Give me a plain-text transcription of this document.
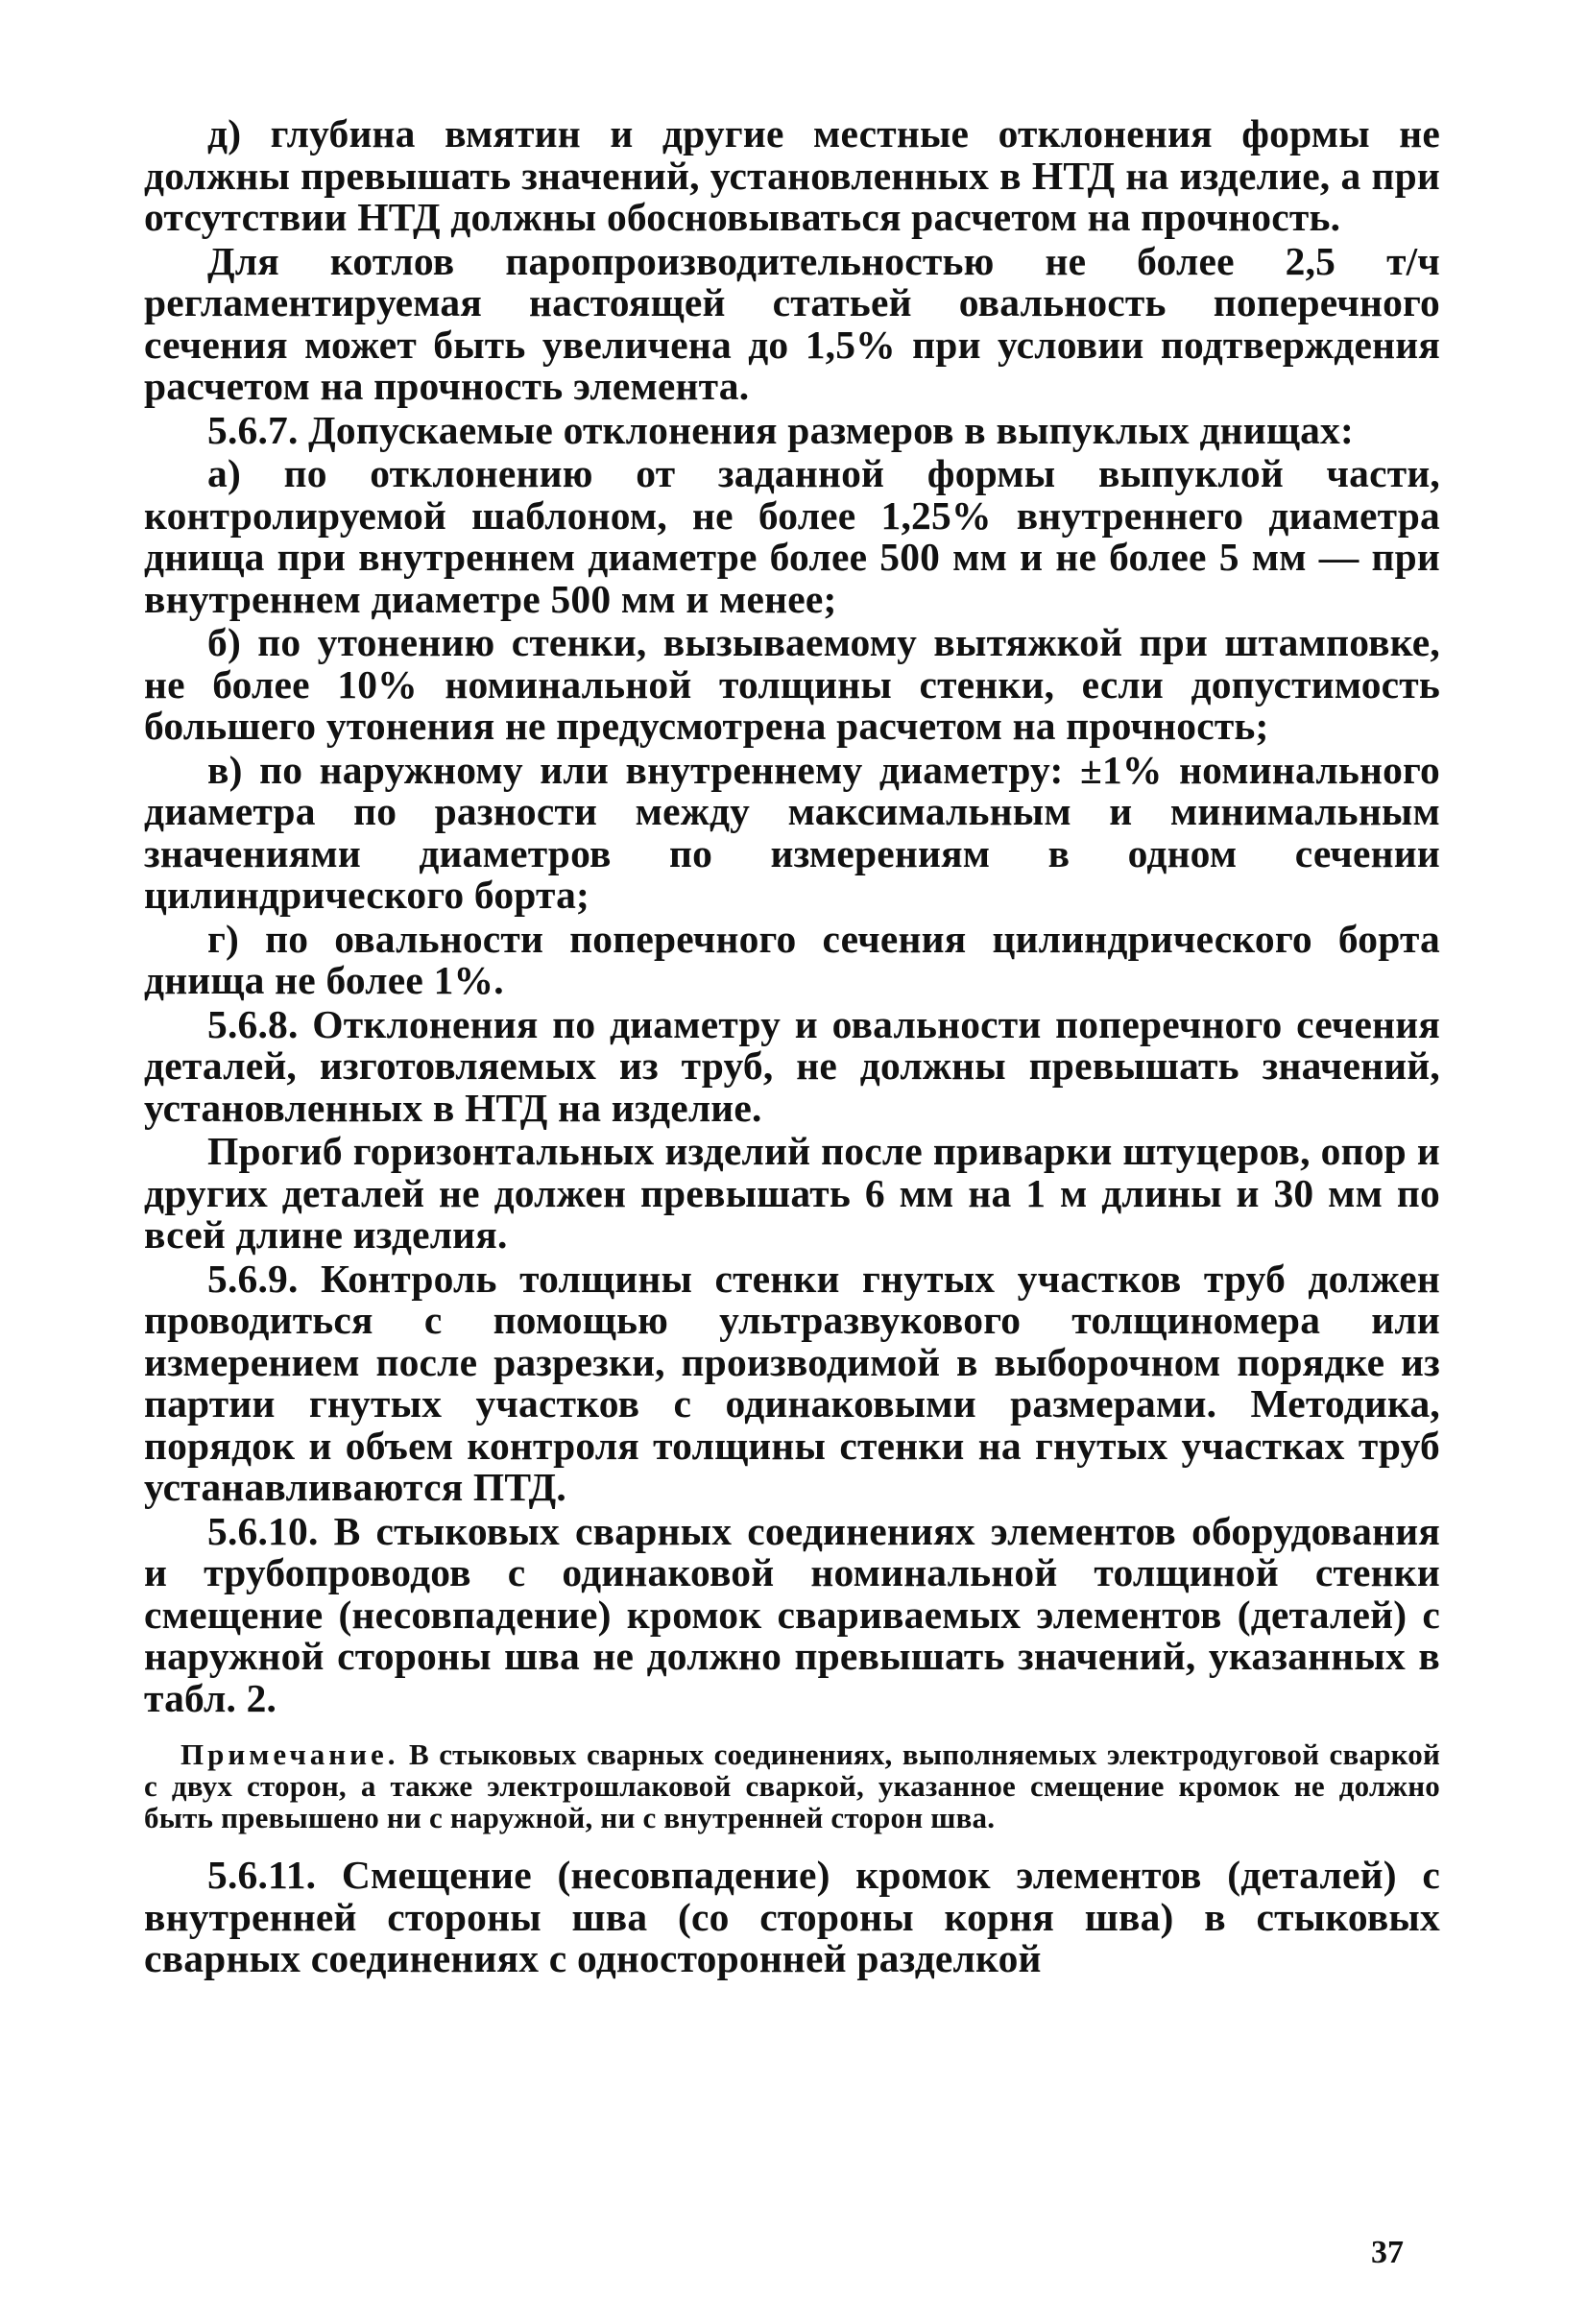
д) глубина вмятин и другие местные отклонения формы не должны превышать значений, установленных в НТД на изделие, а при отсутствии НТД должны обосновываться расчетом на прочность.

Для котлов паропроизводительностью не более 2,5 т/ч регламентируемая настоящей статьей овальность поперечного сечения может быть увеличена до 1,5% при условии подтверждения расчетом на прочность элемента.

5.6.7. Допускаемые отклонения размеров в выпуклых днищах:

а) по отклонению от заданной формы выпуклой части, контролируемой шаблоном, не более 1,25% внутреннего диаметра днища при внутреннем диаметре более 500 мм и не более 5 мм — при внутреннем диаметре 500 мм и менее;

б) по утонению стенки, вызываемому вытяжкой при штамповке, не более 10% номинальной толщины стенки, если допустимость большего утонения не предусмотрена расчетом на прочность;

в) по наружному или внутреннему диаметру: ±1% номинального диаметра по разности между максимальным и минимальным значениями диаметров по измерениям в одном сечении цилиндрического борта;

г) по овальности поперечного сечения цилиндрического борта днища не более 1%.

5.6.8. Отклонения по диаметру и овальности поперечного сечения деталей, изготовляемых из труб, не должны превышать значений, установленных в НТД на изделие.

Прогиб горизонтальных изделий после приварки штуцеров, опор и других деталей не должен превышать 6 мм на 1 м длины и 30 мм по всей длине изделия.

5.6.9. Контроль толщины стенки гнутых участков труб должен проводиться с помощью ультразвукового толщиномера или измерением после разрезки, производимой в выборочном порядке из партии гнутых участков с одинаковыми размерами. Методика, порядок и объем контроля толщины стенки на гнутых участках труб устанавливаются ПТД.

5.6.10. В стыковых сварных соединениях элементов оборудования и трубопроводов с одинаковой номинальной толщиной стенки смещение (несовпадение) кромок свариваемых элементов (деталей) с наружной стороны шва не должно превышать значений, указанных в табл. 2.

Примечание. В стыковых сварных соединениях, выполняемых электродуговой сваркой с двух сторон, а также электрошлаковой сваркой, указанное смещение кромок не должно быть превышено ни с наружной, ни с внутренней сторон шва.

5.6.11. Смещение (несовпадение) кромок элементов (деталей) с внутренней стороны шва (со стороны корня шва) в стыковых сварных соединениях с односторонней разделкой

37
